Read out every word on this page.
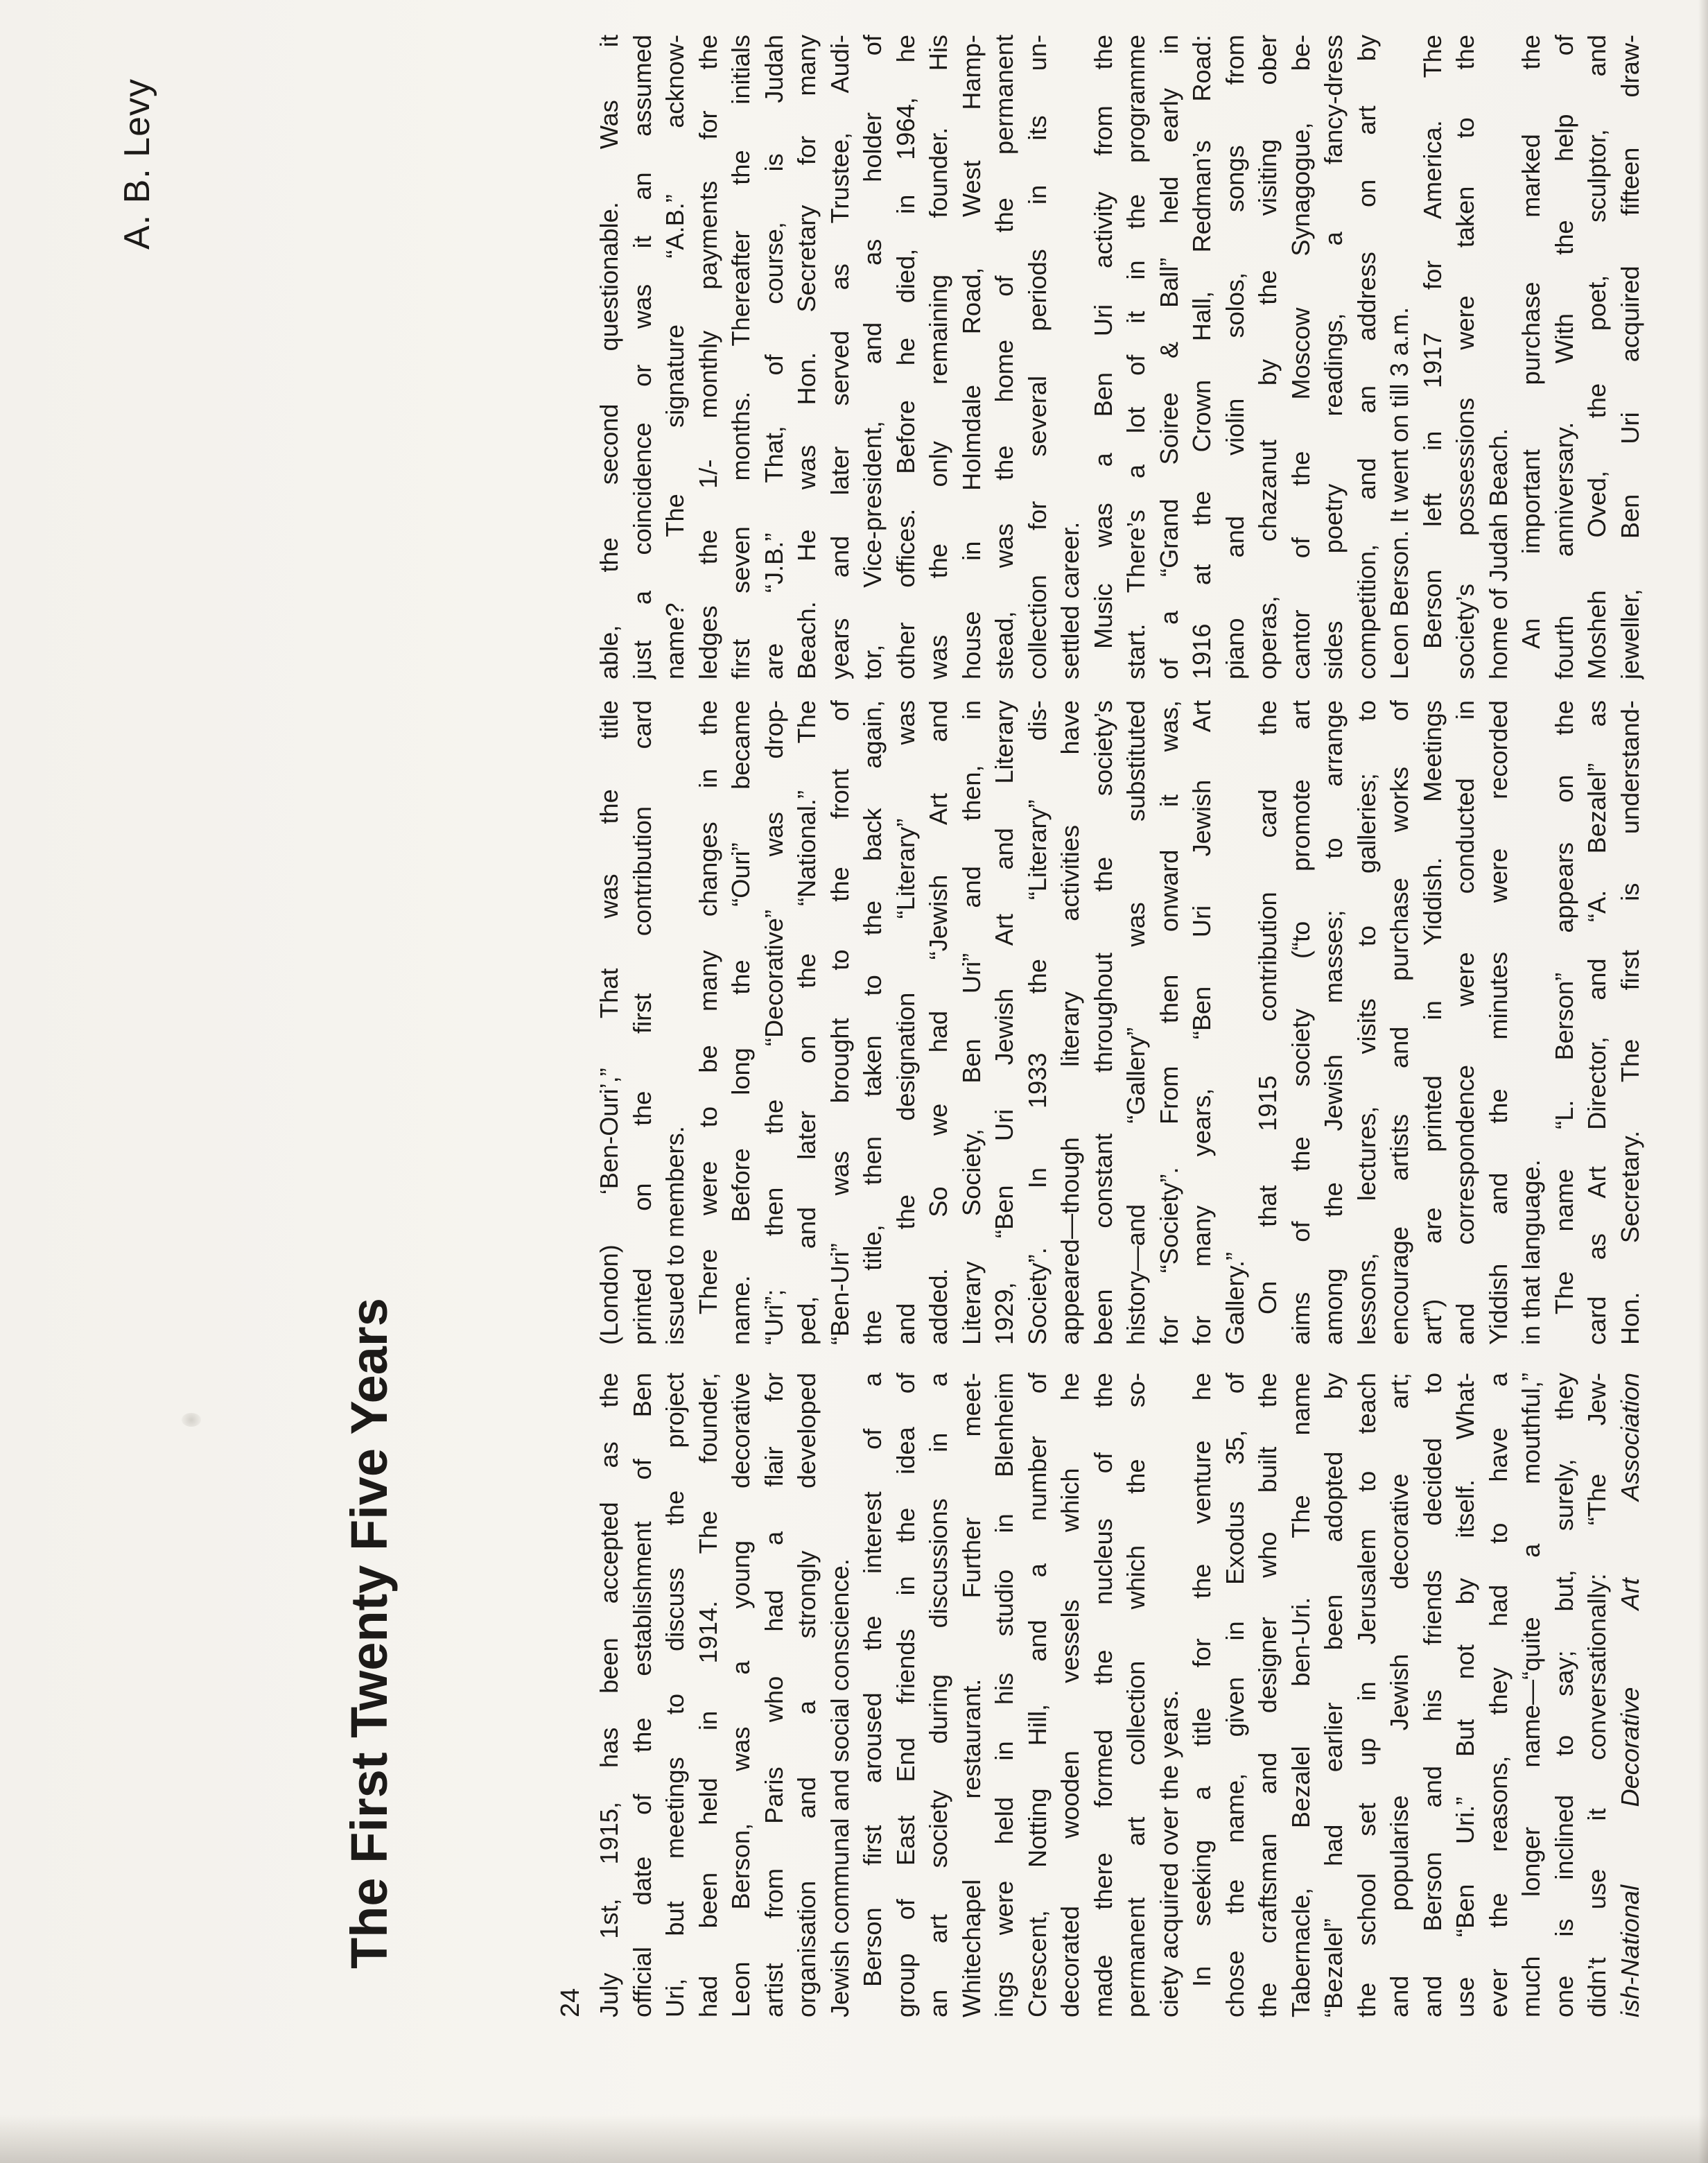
A. B. Levy
The First Twenty Five Years
24 July 1st, 1915, has been accepted as the official date of the establishment of Ben Uri, but meetings to discuss the project had been held in 1914. The founder, Leon Berson, was a young decorative artist from Paris who had a flair for organisation and a strongly developed Jewish communal and social conscience. Berson first aroused the interest of a group of East End friends in the idea of an art society during discussions in a Whitechapel restaurant. Further meet- ings were held in his studio in Blenheim Crescent, Notting Hill, and a number of decorated wooden vessels which he made there formed the nucleus of the permanent art collection which the so- ciety acquired over the years. In seeking a title for the venture he chose the name, given in Exodus 35, of the craftsman and designer who built the Tabernacle, Bezalel ben-Uri. The name “Bezalel” had earlier been adopted by the school set up in Jerusalem to teach and popularise Jewish decorative art; and Berson and his friends decided to use “Ben Uri.” But not by itself. What- ever the reasons, they had to have a much longer name—“quite a mouthful,” one is inclined to say; but, surely, they didn’t use it conversationally: “The Jew- ish-National Decorative Art Association
(London) ‘Ben-Ouri’,” That was the title printed on the first contribution card issued to members. There were to be many changes in the name. Before long the “Ouri” became “Uri”; then the “Decorative” was drop- ped, and later on the “National.” The “Ben-Uri” was brought to the front of the title, then taken to the back again, and the designation “Literary” was added. So we had “Jewish Art and Literary Society, Ben Uri” and then, in 1929, “Ben Uri Jewish Art and Literary Society”. In 1933 the “Literary” dis- appeared—though literary activities have been constant throughout the society’s history—and “Gallery” was substituted for “Society”. From then onward it was, for many years, “Ben Uri Jewish Art Gallery.” On that 1915 contribution card the aims of the society (“to promote art among the Jewish masses; to arrange lessons, lectures, visits to galleries; to encourage artists and purchase works of art”) are printed in Yiddish. Meetings and correspondence were conducted in Yiddish and the minutes were recorded in that language. The name “L. Berson” appears on the card as Art Director, and “A. Bezalel” as Hon. Secretary. The first is understand-
able, the second questionable. Was it just a coincidence or was it an assumed name? The signature “A.B.” acknow- ledges the 1/- monthly payments for the first seven months. Thereafter the initials are “J.B.” That, of course, is Judah Beach. He was Hon. Secretary for many years and later served as Trustee, Audi- tor, Vice-president, and as holder of other offices. Before he died, in 1964, he was the only remaining founder. His house in Holmdale Road, West Hamp- stead, was the home of the permanent collection for several periods in its un- settled career. Music was a Ben Uri activity from the start. There’s a lot of it in the programme of a “Grand Soiree & Ball” held early in 1916 at the Crown Hall, Redman’s Road: piano and violin solos, songs from operas, chazanut by the visiting ober cantor of the Moscow Synagogue, be- sides poetry readings, a fancy-dress competition, and an address on art by Leon Berson. It went on till 3 a.m. Berson left in 1917 for America. The society’s possessions were taken to the home of Judah Beach. An important purchase marked the fourth anniversary. With the help of Mosheh Oved, the poet, sculptor, and jeweller, Ben Uri acquired fifteen draw-
